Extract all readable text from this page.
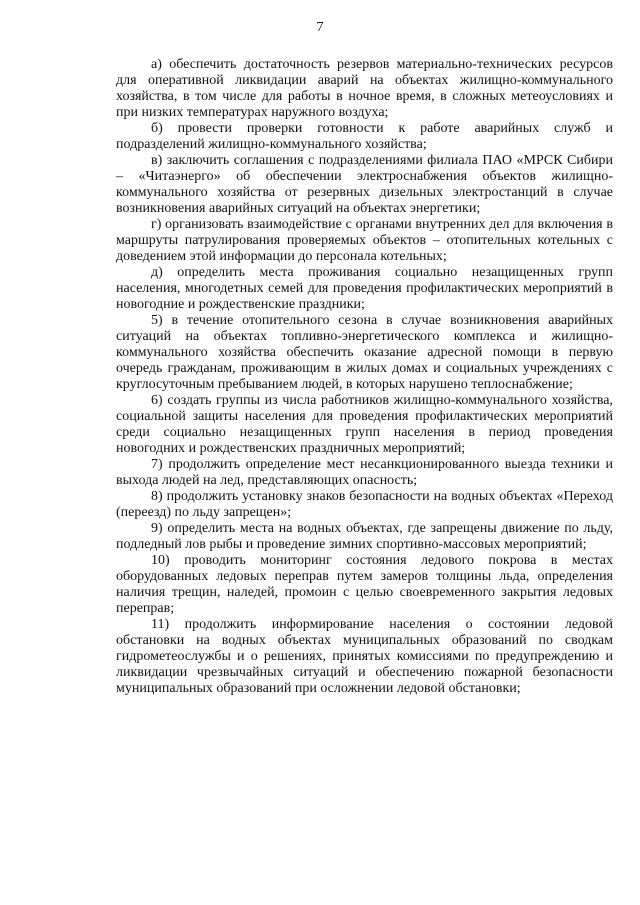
7

а) обеспечить достаточность резервов материально-технических ресурсов для оперативной ликвидации аварий на объектах жилищно-коммунального хозяйства, в том числе для работы в ночное время, в сложных метеоусловиях и при низких температурах наружного воздуха;

б) провести проверки готовности к работе аварийных служб и подразделений жилищно-коммунального хозяйства;

в) заключить соглашения с подразделениями филиала ПАО «МРСК Сибири – «Читаэнерго» об обеспечении электроснабжения объектов жилищно-коммунального хозяйства от резервных дизельных электростанций в случае возникновения аварийных ситуаций на объектах энергетики;

г) организовать взаимодействие с органами внутренних дел для включения в маршруты патрулирования проверяемых объектов – отопительных котельных с доведением этой информации до персонала котельных;

д) определить места проживания социально незащищенных групп населения, многодетных семей для проведения профилактических мероприятий в новогодние и рождественские праздники;

5) в течение отопительного сезона в случае возникновения аварийных ситуаций на объектах топливно-энергетического комплекса и жилищно-коммунального хозяйства обеспечить оказание адресной помощи в первую очередь гражданам, проживающим в жилых домах и социальных учреждениях с круглосуточным пребыванием людей, в которых нарушено теплоснабжение;

6) создать группы из числа работников жилищно-коммунального хозяйства, социальной защиты населения для проведения профилактических мероприятий среди социально незащищенных групп населения в период проведения новогодних и рождественских праздничных мероприятий;

7) продолжить определение мест несанкционированного выезда техники и выхода людей на лед, представляющих опасность;

8) продолжить установку знаков безопасности на водных объектах «Переход (переезд) по льду запрещен»;

9) определить места на водных объектах, где запрещены движение по льду, подледный лов рыбы и проведение зимних спортивно-массовых мероприятий;

10) проводить мониторинг состояния ледового покрова в местах оборудованных ледовых переправ путем замеров толщины льда, определения наличия трещин, наледей, промоин с целью своевременного закрытия ледовых переправ;

11) продолжить информирование населения о состоянии ледовой обстановки на водных объектах муниципальных образований по сводкам гидрометеослужбы и о решениях, принятых комиссиями по предупреждению и ликвидации чрезвычайных ситуаций и обеспечению пожарной безопасности муниципальных образований при осложнении ледовой обстановки;
